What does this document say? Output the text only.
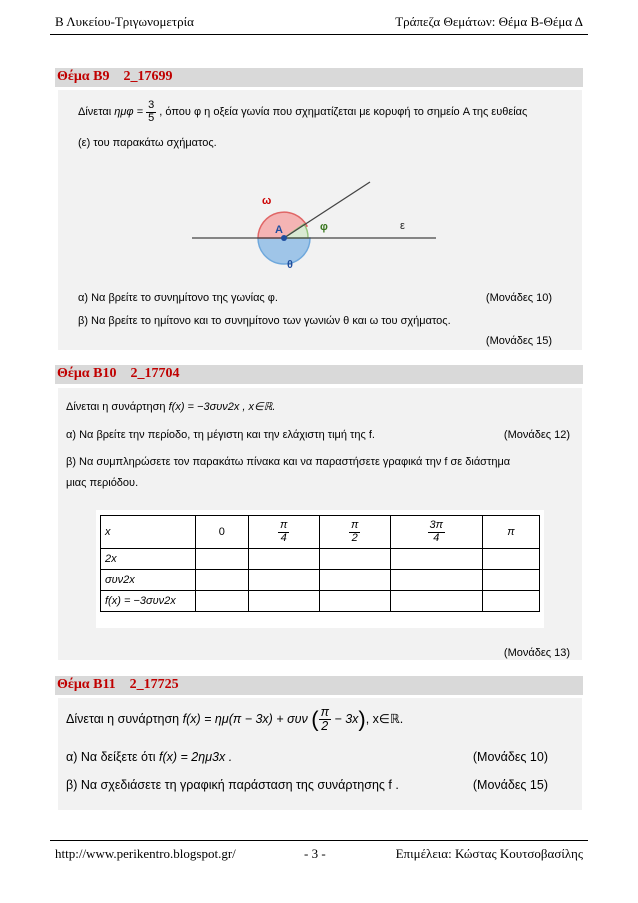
Β Λυκείου-Τριγωνομετρία	Τράπεζα Θεμάτων: Θέμα Β-Θέμα Δ
Θέμα Β9    2_17699
Δίνεται $\eta\mu\varphi = \frac{3}{5}$ , όπου φ η οξεία γωνία που σχηματίζεται με κορυφή το σημείο A της ευθείας
(ε) του παρακάτω σχήματος.
ω
φ
A
θ
ε
α) Να βρείτε το συνημίτονο της γωνίας φ.	(Μονάδες 10)
β) Να βρείτε το ημίτονο και το συνημίτονο των γωνιών θ και ω του σχήματος.
(Μονάδες 15)
Θέμα Β10    2_17704
Δίνεται η συνάρτηση f(x) = −3συν2x , x∈ℝ.
α) Να βρείτε την περίοδο, τη μέγιστη και την ελάχιστη τιμή της f.	(Μονάδες 12)
β) Να συμπληρώσετε τον παρακάτω πίνακα και να παραστήσετε γραφικά την f σε διάστημα
μιας περιόδου.
x	0	$\frac{\pi}{4}$	$\frac{\pi}{2}$	$\frac{3\pi}{4}$	π
2x					
συν2x					
f(x) = −3συν2x					
(Μονάδες 13)
Θέμα Β11    2_17725
Δίνεται η συνάρτηση f(x) = ημ(π − 3x) + συν ( $\frac{\pi}{2} - 3x$), x∈ℝ.
α) Να δείξετε ότι f(x) = 2ημ3x .	(Μονάδες 10)
β) Να σχεδιάσετε τη γραφική παράσταση της συνάρτησης f .	(Μονάδες 15)
http://www.perikentro.blogspot.gr/	- 3 -	Επιμέλεια: Κώστας Κουτσοβασίλης
